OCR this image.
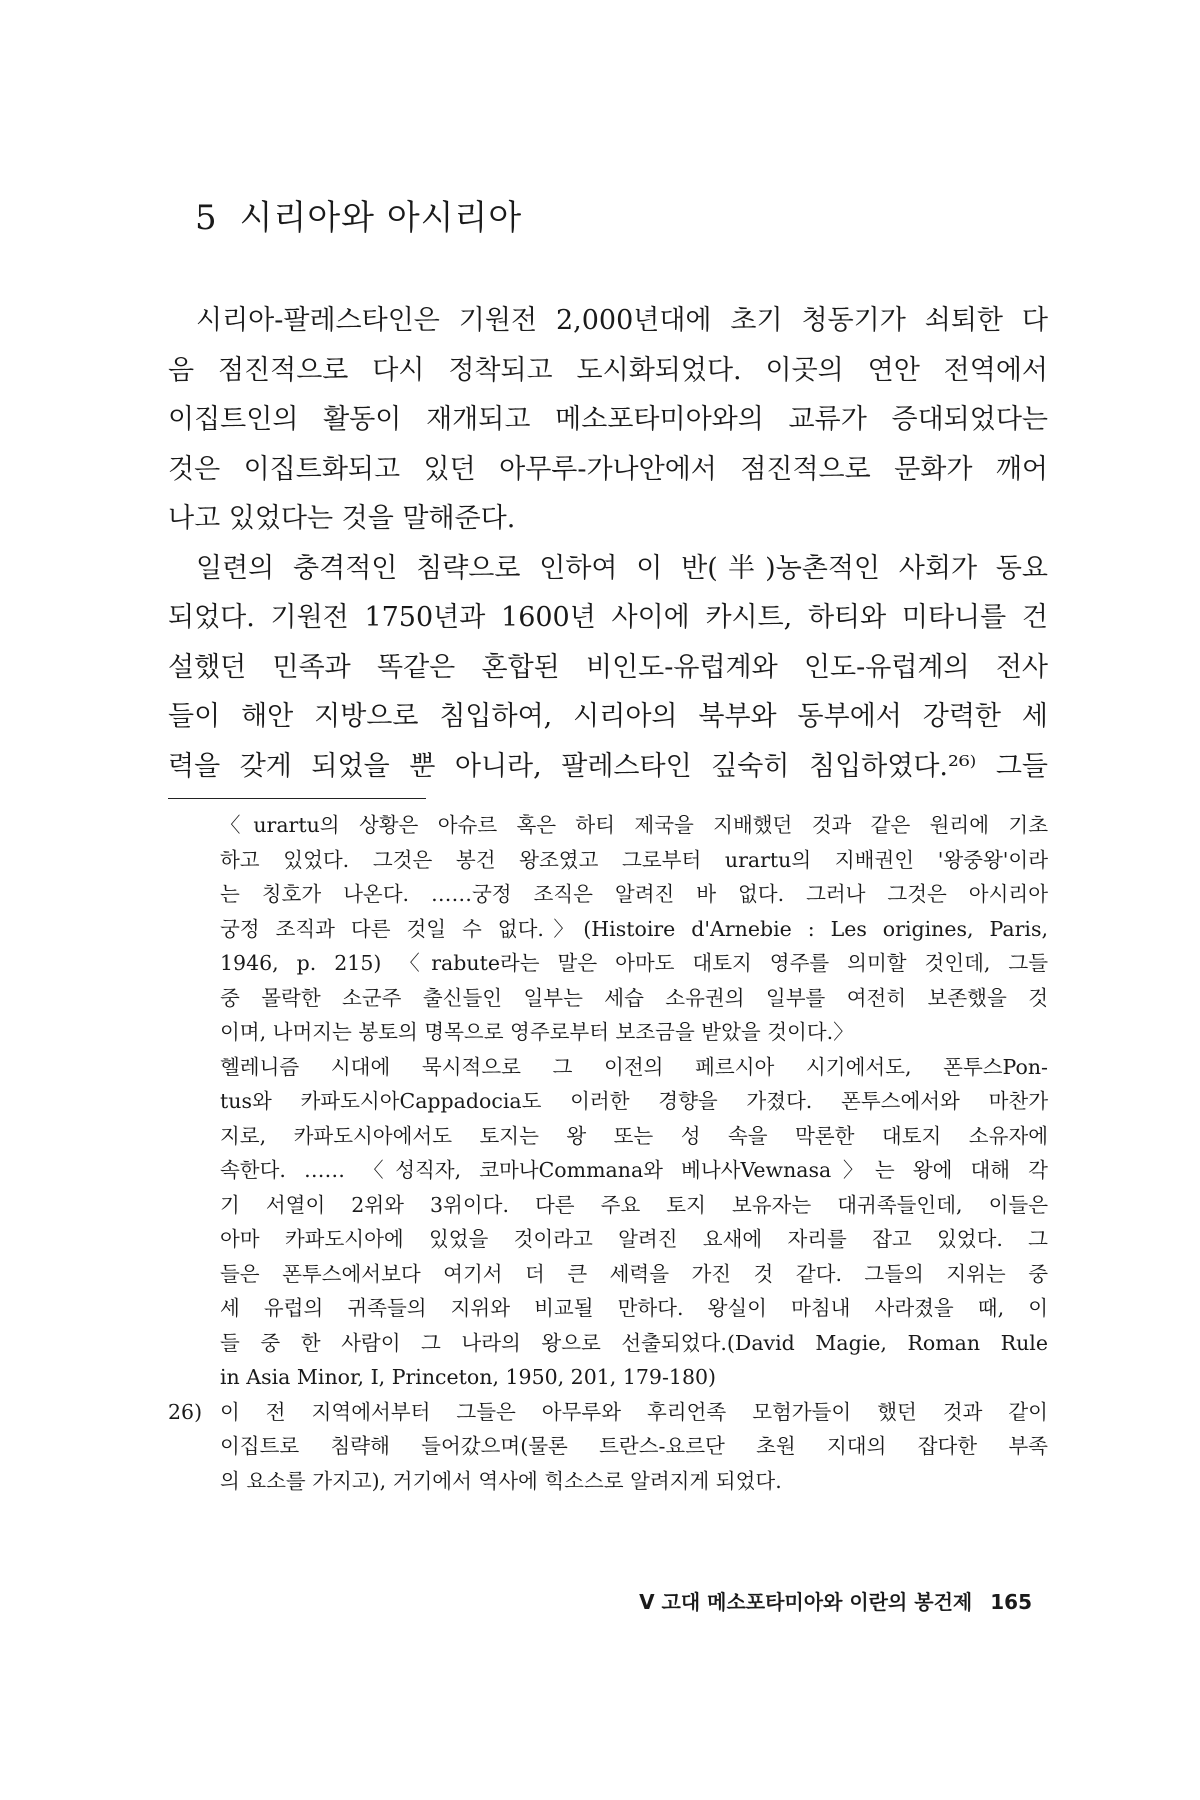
5 시리아와 아시리아
시리아-팔레스타인은 기원전 2,000년대에 초기 청동기가 쇠퇴한 다
음 점진적으로 다시 정착되고 도시화되었다. 이곳의 연안 전역에서
이집트인의 활동이 재개되고 메소포타미아와의 교류가 증대되었다는
것은 이집트화되고 있던 아무루-가나안에서 점진적으로 문화가 깨어
나고 있었다는 것을 말해준다.
일련의 충격적인 침략으로 인하여 이 반(半)농촌적인 사회가 동요
되었다. 기원전 1750년과 1600년 사이에 카시트, 하티와 미타니를 건
설했던 민족과 똑같은 혼합된 비인도-유럽계와 인도-유럽계의 전사
들이 해안 지방으로 침입하여, 시리아의 북부와 동부에서 강력한 세
력을 갖게 되었을 뿐 아니라, 팔레스타인 깊숙히 침입하였다.²⁶⁾ 그들
〈urartu의 상황은 아슈르 혹은 하티 제국을 지배했던 것과 같은 원리에 기초
하고 있었다. 그것은 봉건 왕조였고 그로부터 urartu의 지배권인 '왕중왕'이라
는 칭호가 나온다. ……궁정 조직은 알려진 바 없다. 그러나 그것은 아시리아
궁정 조직과 다른 것일 수 없다.〉(Histoire d'Arnebie : Les origines, Paris,
1946, p. 215) 〈rabute라는 말은 아마도 대토지 영주를 의미할 것인데, 그들
중 몰락한 소군주 출신들인 일부는 세습 소유권의 일부를 여전히 보존했을 것
이며, 나머지는 봉토의 명목으로 영주로부터 보조금을 받았을 것이다.〉
헬레니즘 시대에 묵시적으로 그 이전의 페르시아 시기에서도, 폰투스Pon-
tus와 카파도시아Cappadocia도 이러한 경향을 가졌다. 폰투스에서와 마찬가
지로, 카파도시아에서도 토지는 왕 또는 성 속을 막론한 대토지 소유자에
속한다. …… 〈성직자, 코마나Commana와 베나사Vewnasa〉는 왕에 대해 각
기 서열이 2위와 3위이다. 다른 주요 토지 보유자는 대귀족들인데, 이들은
아마 카파도시아에 있었을 것이라고 알려진 요새에 자리를 잡고 있었다. 그
들은 폰투스에서보다 여기서 더 큰 세력을 가진 것 같다. 그들의 지위는 중
세 유럽의 귀족들의 지위와 비교될 만하다. 왕실이 마침내 사라졌을 때, 이
들 중 한 사람이 그 나라의 왕으로 선출되었다.(David Magie, Roman Rule
in Asia Minor, I, Princeton, 1950, 201, 179-180)
26) 이 전 지역에서부터 그들은 아무루와 후리언족 모험가들이 했던 것과 같이
이집트로 침략해 들어갔으며(물론 트란스-요르단 초원 지대의 잡다한 부족
의 요소를 가지고), 거기에서 역사에 힉소스로 알려지게 되었다.
V 고대 메소포타미아와 이란의 봉건제 165
